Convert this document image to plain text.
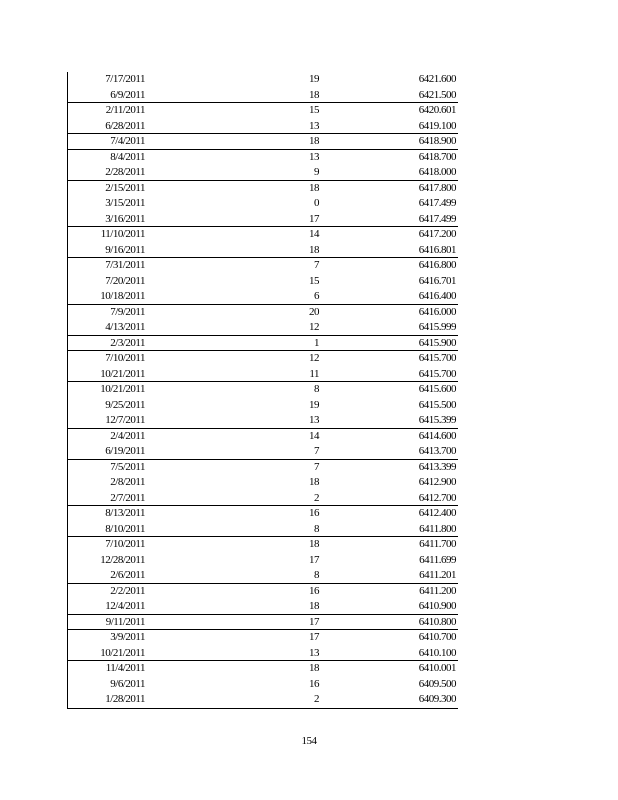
7/17/2011	19	6421.600
6/9/2011	18	6421.500
2/11/2011	15	6420.601
6/28/2011	13	6419.100
7/4/2011	18	6418.900
8/4/2011	13	6418.700
2/28/2011	9	6418.000
2/15/2011	18	6417.800
3/15/2011	0	6417.499
3/16/2011	17	6417.499
11/10/2011	14	6417.200
9/16/2011	18	6416.801
7/31/2011	7	6416.800
7/20/2011	15	6416.701
10/18/2011	6	6416.400
7/9/2011	20	6416.000
4/13/2011	12	6415.999
2/3/2011	1	6415.900
7/10/2011	12	6415.700
10/21/2011	11	6415.700
10/21/2011	8	6415.600
9/25/2011	19	6415.500
12/7/2011	13	6415.399
2/4/2011	14	6414.600
6/19/2011	7	6413.700
7/5/2011	7	6413.399
2/8/2011	18	6412.900
2/7/2011	2	6412.700
8/13/2011	16	6412.400
8/10/2011	8	6411.800
7/10/2011	18	6411.700
12/28/2011	17	6411.699
2/6/2011	8	6411.201
2/2/2011	16	6411.200
12/4/2011	18	6410.900
9/11/2011	17	6410.800
3/9/2011	17	6410.700
10/21/2011	13	6410.100
11/4/2011	18	6410.001
9/6/2011	16	6409.500
1/28/2011	2	6409.300
154
